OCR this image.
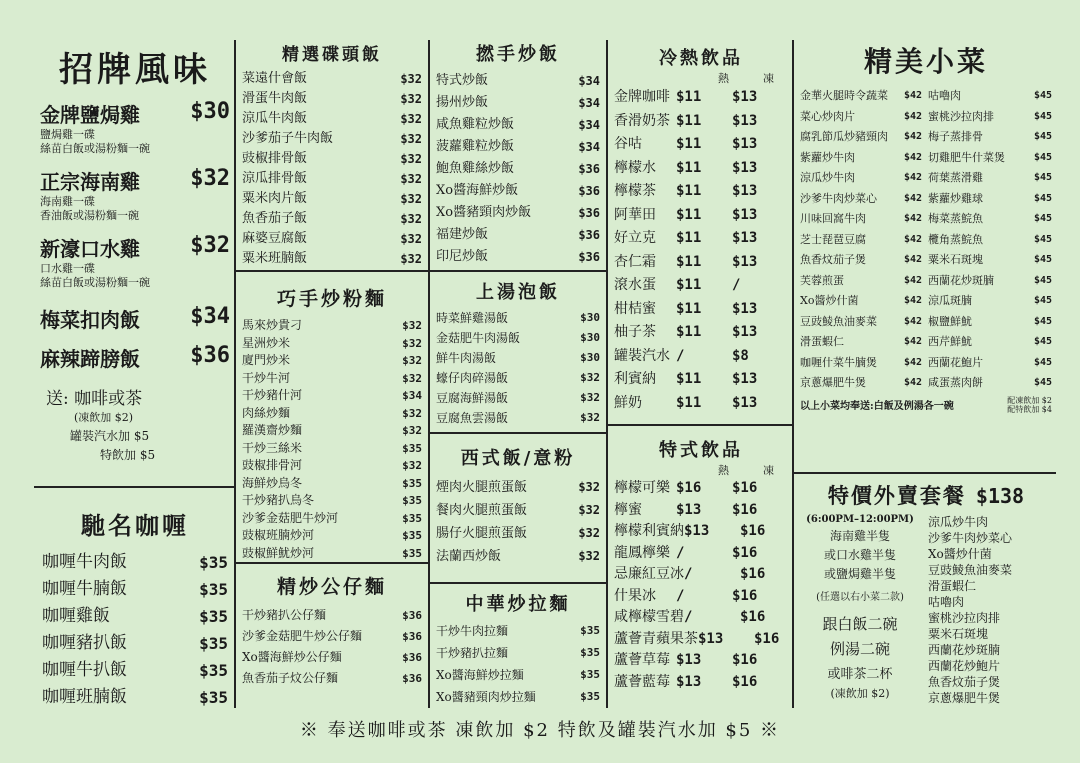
招牌風味
金牌鹽焗雞 $30
鹽焗雞一碟
絲苗白飯或湯粉麵一碗
正宗海南雞 $32
海南雞一碟
香油飯或湯粉麵一碗
新濠口水雞 $32
口水雞一碟
絲苗白飯或湯粉麵一碗
梅菜扣肉飯 $34
麻辣蹄膀飯 $36
送: 咖啡或茶
(凍飲加 $2)
罐裝汽水加 $5
特飲加 $5
馳名咖喱
咖喱牛肉飯	$35
咖喱牛腩飯	$35
咖喱雞飯	$35
咖喱豬扒飯	$35
咖喱牛扒飯	$35
咖喱班腩飯	$35
精選碟頭飯
菜遠什會飯	$32
滑蛋牛肉飯	$32
涼瓜牛肉飯	$32
沙爹茄子牛肉飯	$32
豉椒排骨飯	$32
涼瓜排骨飯	$32
粟米肉片飯	$32
魚香茄子飯	$32
麻婆豆腐飯	$32
粟米班腩飯	$32
巧手炒粉麵
馬來炒貴刁	$32
星洲炒米	$32
廈門炒米	$32
干炒牛河	$32
干炒豬什河	$34
肉絲炒麵	$32
羅漢齋炒麵	$32
干炒三絲米	$35
豉椒排骨河	$32
海鮮炒烏冬	$35
干炒豬扒烏冬	$35
沙爹金菇肥牛炒河	$35
豉椒班腩炒河	$35
豉椒鮮魷炒河	$35
精炒公仔麵
干炒豬扒公仔麵	$36
沙爹金菇肥牛炒公仔麵	$36
Xo醬海鮮炒公仔麵	$36
魚香茄子炆公仔麵	$36
撚手炒飯
特式炒飯	$34
揚州炒飯	$34
咸魚雞粒炒飯	$34
菠蘿雞粒炒飯	$34
鮑魚雞絲炒飯	$36
Xo醬海鮮炒飯	$36
Xo醬豬頸肉炒飯	$36
福建炒飯	$36
印尼炒飯	$36
上湯泡飯
時菜鮮雞湯飯	$30
金菇肥牛肉湯飯	$30
鮮牛肉湯飯	$30
蠔仔肉碎湯飯	$32
豆腐海鮮湯飯	$32
豆腐魚雲湯飯	$32
西式飯/意粉
煙肉火腿煎蛋飯	$32
餐肉火腿煎蛋飯	$32
腸仔火腿煎蛋飯	$32
法蘭西炒飯	$32
中華炒拉麵
干炒牛肉拉麵	$35
干炒豬扒拉麵	$35
Xo醬海鮮炒拉麵	$35
Xo醬豬頸肉炒拉麵	$35
冷熱飲品
熱	凍
金牌咖啡 $11 $13
香滑奶茶 $11 $13
谷咕 $11 $13
檸檬水 $11 $13
檸檬茶 $11 $13
阿華田 $11 $13
好立克 $11 $13
杏仁霜 $11 $13
滾水蛋 $11 /
柑桔蜜 $11 $13
柚子茶 $11 $13
罐裝汽水 /	$8
利賓納 $11 $13
鮮奶 $11 $13
特式飲品
熱	凍
檸檬可樂 $16 $16
檸蜜 $13 $16
檸檬利賓納 $13 $16
龍鳳檸樂 /	$16
忌廉紅豆冰 /	$16
什果冰 /	$16
咸檸檬雪碧 /	$16
蘆薈青蘋果茶 $13 $16
蘆薈草莓 $13 $16
蘆薈藍莓 $13 $16
精美小菜
金華火腿時令蔬菜 $42
菜心炒肉片	$42
腐乳節瓜炒豬頸肉 $42
紫蘿炒牛肉	$42
涼瓜炒牛肉	$42
沙爹牛肉炒菜心	$42
川味回窩牛肉	$42
芝士琵琶豆腐	$42
魚香炆茄子煲	$42
芙蓉煎蛋	$42
Xo醬炒什菌	$42
豆豉鯪魚油麥菜	$42
滑蛋蝦仁	$42
咖喱什菜牛腩煲	$42
京蔥爆肥牛煲	$42
咕嚕肉	$45
蜜桃沙拉肉排	$45
梅子蒸排骨	$45
切雞肥牛什菜煲	$45
荷葉蒸滑雞	$45
紫蘿炒雞球	$45
梅菜蒸鯇魚	$45
欖角蒸鯇魚	$45
粟米石斑塊	$45
西蘭花炒斑腩	$45
涼瓜斑腩	$45
椒鹽鮮魷	$45
西芹鮮魷	$45
西蘭花鮑片	$45
咸蛋蒸肉餅	$45
以上小菜均奉送:白飯及例湯各一碗
配凍飲加 $2
配特飲加 $4
特價外賣套餐 $138
(6:00PM–12:00PM)
海南雞半隻
或口水雞半隻
或鹽焗雞半隻
(任選以右小菜二款)
跟白飯二碗
例湯二碗
或啡茶二杯
(凍飲加 $2)
涼瓜炒牛肉
沙爹牛肉炒菜心
Xo醬炒什菌
豆豉鯪魚油麥菜
滑蛋蝦仁
咕嚕肉
蜜桃沙拉肉排
粟米石斑塊
西蘭花炒斑腩
西蘭花炒鮑片
魚香炆茄子煲
京蔥爆肥牛煲
※ 奉送咖啡或茶 凍飲加 $2 特飲及罐裝汽水加 $5 ※
